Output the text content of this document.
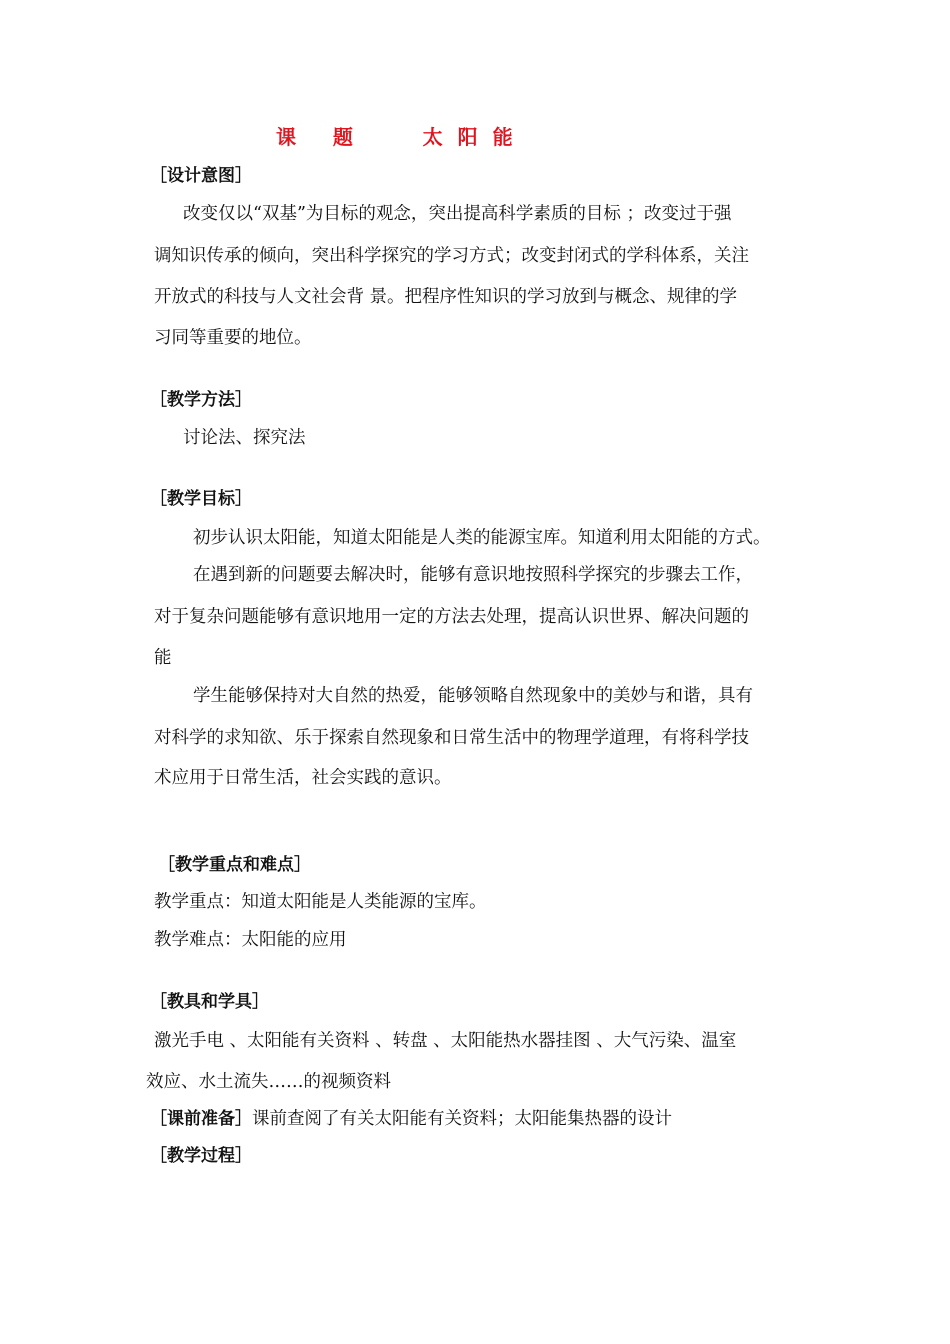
课   题      太 阳 能
［设计意图］
改变仅以“双基”为目标的观念，突出提高科学素质的目标 ；改变过于强
调知识传承的倾向，突出科学探究的学习方式；改变封闭式的学科体系，关注
开放式的科技与人文社会背 景。把程序性知识的学习放到与概念、规律的学
习同等重要的地位。
［教学方法］
讨论法、探究法
［教学目标］
初步认识太阳能，知道太阳能是人类的能源宝库。知道利用太阳能的方式。
在遇到新的问题要去解决时，能够有意识地按照科学探究的步骤去工作，
对于复杂问题能够有意识地用一定的方法去处理，提高认识世界、解决问题的
能
学生能够保持对大自然的热爱，能够领略自然现象中的美妙与和谐，具有
对科学的求知欲、乐于探索自然现象和日常生活中的物理学道理，有将科学技
术应用于日常生活，社会实践的意识。
［教学重点和难点］
教学重点：知道太阳能是人类能源的宝库。
教学难点：太阳能的应用
［教具和学具］
激光手电 、太阳能有关资料 、转盘 、太阳能热水器挂图 、大气污染、温室
效应、水土流失……的视频资料
［课前准备］课前查阅了有关太阳能有关资料；太阳能集热器的设计
［教学过程］
